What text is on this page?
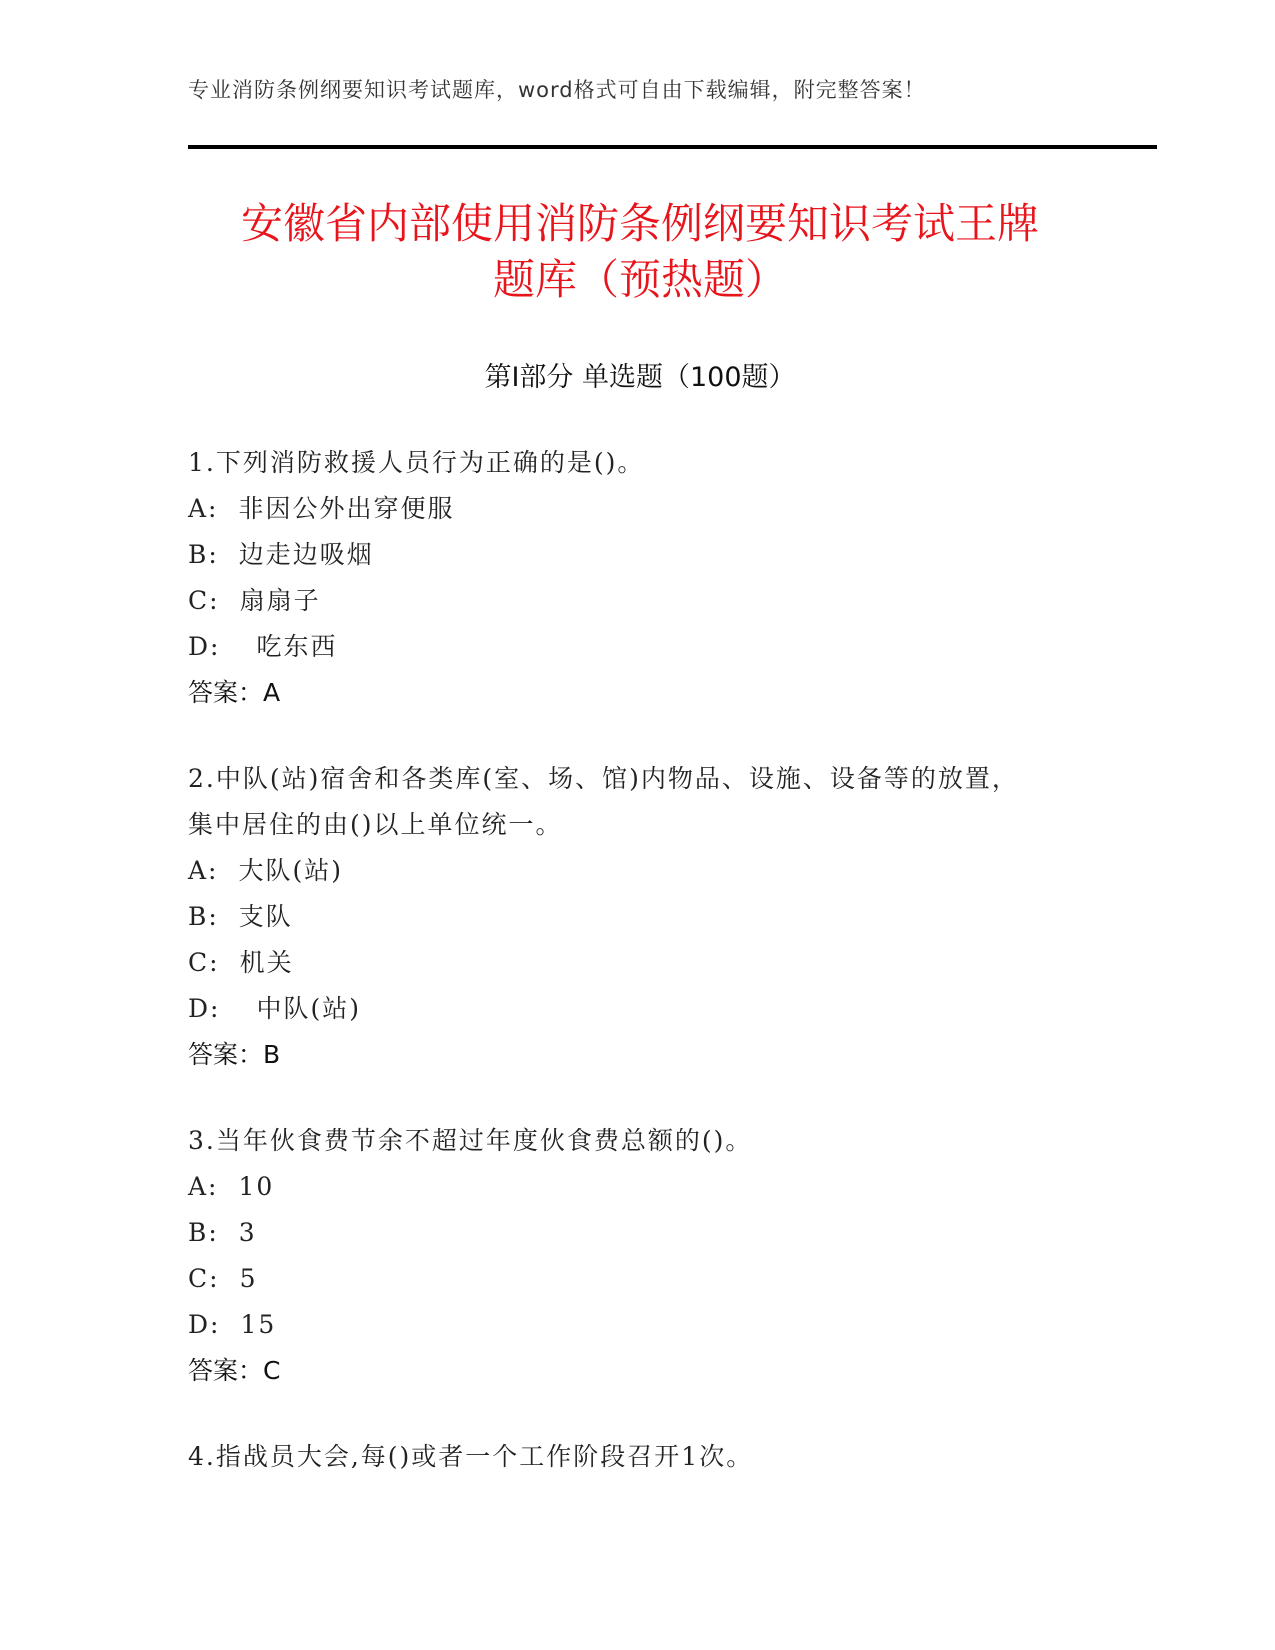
专业消防条例纲要知识考试题库，word格式可自由下载编辑，附完整答案！
安徽省内部使用消防条例纲要知识考试王牌
题库（预热题）
第I部分 单选题（100题）
1.下列消防救援人员行为正确的是()。
A: 非因公外出穿便服
B: 边走边吸烟
C: 扇扇子
D: 吃东西
答案：A
2.中队(站)宿舍和各类库(室、场、馆)内物品、设施、设备等的放置，
集中居住的由()以上单位统一。
A: 大队(站)
B: 支队
C: 机关
D: 中队(站)
答案：B
3.当年伙食费节余不超过年度伙食费总额的()。
A: 10
B: 3
C: 5
D: 15
答案：C
4.指战员大会,每()或者一个工作阶段召开1次。
